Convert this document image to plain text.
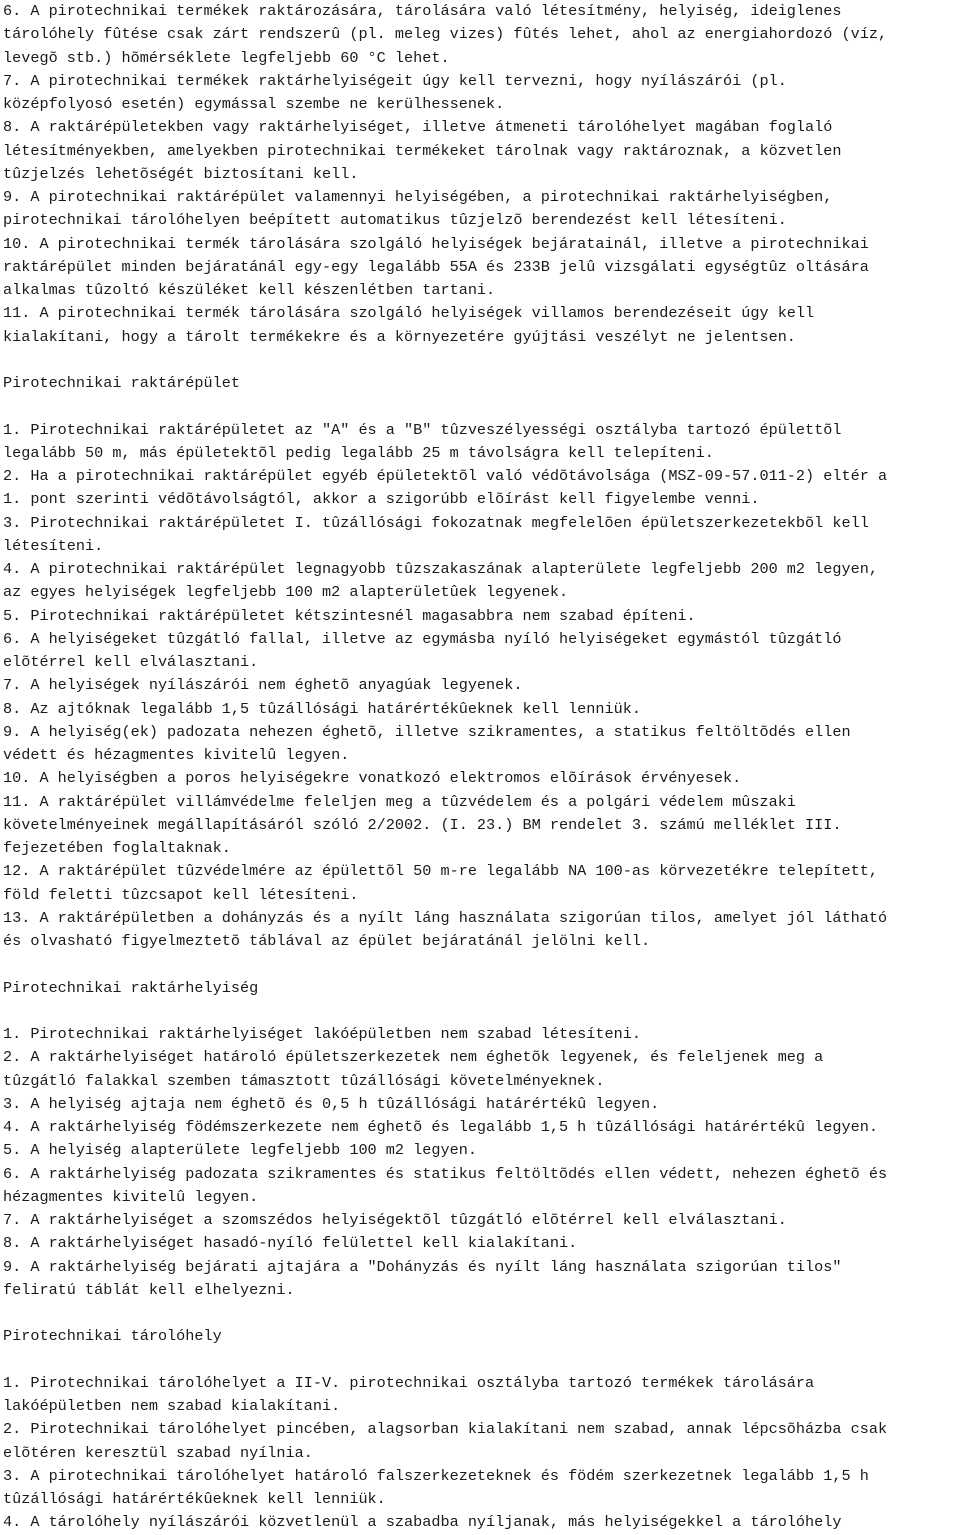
6. A pirotechnikai termékek raktározására, tárolására való létesítmény, helyiség, ideiglenes
tárolóhely fûtése csak zárt rendszerû (pl. meleg vizes) fûtés lehet, ahol az energiahordozó (víz,
levegõ stb.) hõmérséklete legfeljebb 60 °C lehet.

7. A pirotechnikai termékek raktárhelyiségeit úgy kell tervezni, hogy nyílászárói (pl.
középfolyosó esetén) egymással szembe ne kerülhessenek.

8. A raktárépületekben vagy raktárhelyiséget, illetve átmeneti tárolóhelyet magában foglaló
létesítményekben, amelyekben pirotechnikai termékeket tárolnak vagy raktároznak, a közvetlen
tûzjelzés lehetõségét biztosítani kell.

9. A pirotechnikai raktárépület valamennyi helyiségében, a pirotechnikai raktárhelyiségben,
pirotechnikai tárolóhelyen beépített automatikus tûzjelzõ berendezést kell létesíteni.

10. A pirotechnikai termék tárolására szolgáló helyiségek bejáratainál, illetve a pirotechnikai
raktárépület minden bejáratánál egy-egy legalább 55A és 233B jelû vizsgálati egységtûz oltására
alkalmas tûzoltó készüléket kell készenlétben tartani.

11. A pirotechnikai termék tárolására szolgáló helyiségek villamos berendezéseit úgy kell
kialakítani, hogy a tárolt termékekre és a környezetére gyújtási veszélyt ne jelentsen.

Pirotechnikai raktárépület

1. Pirotechnikai raktárépületet az "A" és a "B" tûzveszélyességi osztályba tartozó épülettõl
legalább 50 m, más épületektõl pedig legalább 25 m távolságra kell telepíteni.

2. Ha a pirotechnikai raktárépület egyéb épületektõl való védõtávolsága (MSZ-09-57.011-2) eltér a
1. pont szerinti védõtávolságtól, akkor a szigorúbb elõírást kell figyelembe venni.

3. Pirotechnikai raktárépületet I. tûzállósági fokozatnak megfelelõen épületszerkezetekbõl kell
létesíteni.

4. A pirotechnikai raktárépület legnagyobb tûzszakaszának alapterülete legfeljebb 200 m2 legyen,
az egyes helyiségek legfeljebb 100 m2 alapterületûek legyenek.

5. Pirotechnikai raktárépületet kétszintesnél magasabbra nem szabad építeni.

6. A helyiségeket tûzgátló fallal, illetve az egymásba nyíló helyiségeket egymástól tûzgátló
elõtérrel kell elválasztani.

7. A helyiségek nyílászárói nem éghetõ anyagúak legyenek.

8. Az ajtóknak legalább 1,5 tûzállósági határértékûeknek kell lenniük.

9. A helyiség(ek) padozata nehezen éghetõ, illetve szikramentes, a statikus feltöltõdés ellen
védett és hézagmentes kivitelû legyen.

10. A helyiségben a poros helyiségekre vonatkozó elektromos elõírások érvényesek.

11. A raktárépület villámvédelme feleljen meg a tûzvédelem és a polgári védelem mûszaki
követelményeinek megállapításáról szóló 2/2002. (I. 23.) BM rendelet 3. számú melléklet III.
fejezetében foglaltaknak.

12. A raktárépület tûzvédelmére az épülettõl 50 m-re legalább NA 100-as körvezetékre telepített,
föld feletti tûzcsapot kell létesíteni.

13. A raktárépületben a dohányzás és a nyílt láng használata szigorúan tilos, amelyet jól látható
és olvasható figyelmeztetõ táblával az épület bejáratánál jelölni kell.

Pirotechnikai raktárhelyiség

1. Pirotechnikai raktárhelyiséget lakóépületben nem szabad létesíteni.

2. A raktárhelyiséget határoló épületszerkezetek nem éghetõk legyenek, és feleljenek meg a
tûzgátló falakkal szemben támasztott tûzállósági követelményeknek.

3. A helyiség ajtaja nem éghetõ és 0,5 h tûzállósági határértékû legyen.

4. A raktárhelyiség födémszerkezete nem éghetõ és legalább 1,5 h tûzállósági határértékû legyen.

5. A helyiség alapterülete legfeljebb 100 m2 legyen.

6. A raktárhelyiség padozata szikramentes és statikus feltöltõdés ellen védett, nehezen éghetõ és
hézagmentes kivitelû legyen.

7. A raktárhelyiséget a szomszédos helyiségektõl tûzgátló elõtérrel kell elválasztani.

8. A raktárhelyiséget hasadó-nyíló felülettel kell kialakítani.

9. A raktárhelyiség bejárati ajtajára a "Dohányzás és nyílt láng használata szigorúan tilos"
feliratú táblát kell elhelyezni.

Pirotechnikai tárolóhely

1. Pirotechnikai tárolóhelyet a II-V. pirotechnikai osztályba tartozó termékek tárolására
lakóépületben nem szabad kialakítani.

2. Pirotechnikai tárolóhelyet pincében, alagsorban kialakítani nem szabad, annak lépcsõházba csak
elõtéren keresztül szabad nyílnia.

3. A pirotechnikai tárolóhelyet határoló falszerkezeteknek és födém szerkezetnek legalább 1,5 h
tûzállósági határértékûeknek kell lenniük.

4. A tárolóhely nyílászárói közvetlenül a szabadba nyíljanak, más helyiségekkel a tárolóhely
